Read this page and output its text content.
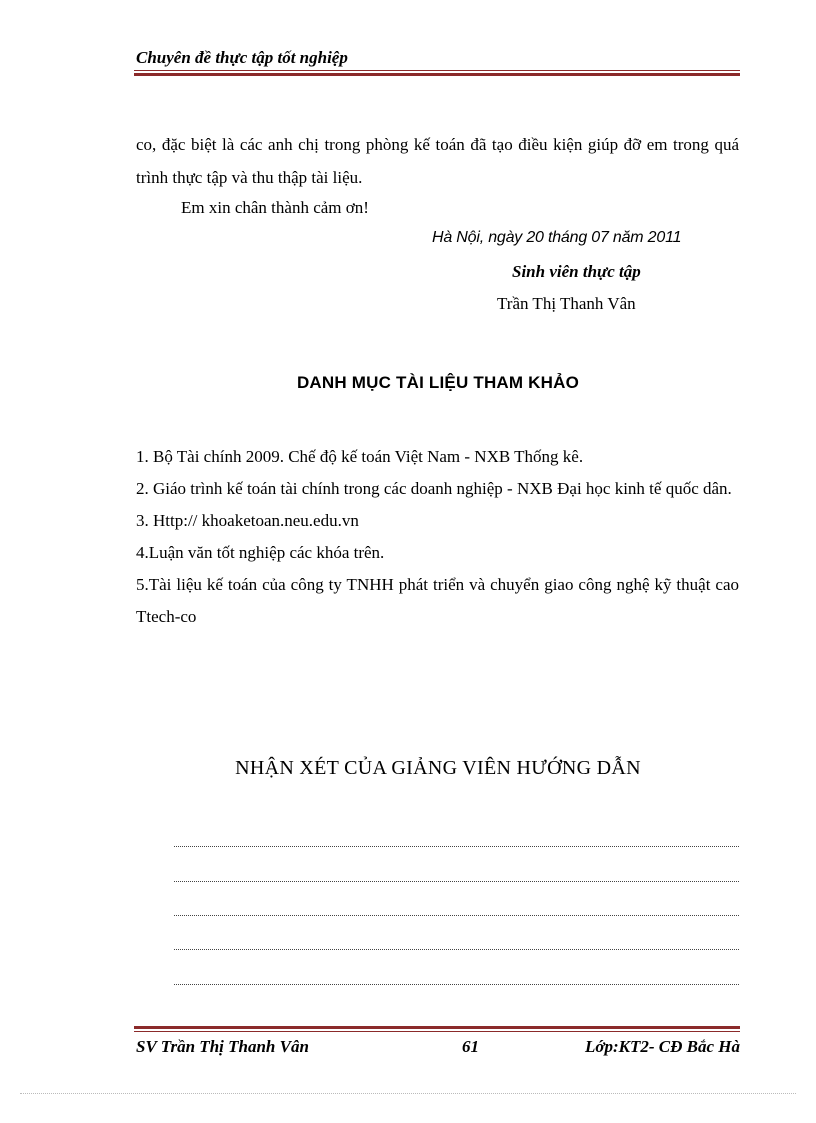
Chuyên đề thực tập tốt nghiệp
co, đặc biệt là các anh chị trong phòng kế toán đã tạo điều kiện giúp đỡ em trong quá trình thực tập và thu thập tài liệu.
Em xin chân thành cảm ơn!
Hà Nội, ngày 20 tháng 07 năm 2011
Sinh viên thực tập
Trần Thị Thanh Vân
DANH MỤC TÀI LIỆU THAM KHẢO

1. Bộ Tài chính 2009. Chế độ kế toán Việt Nam - NXB Thống kê.

2. Giáo trình kế toán tài chính trong các doanh nghiệp - NXB Đại học kinh tế quốc dân.

3. Http:// khoaketoan.neu.edu.vn

4.Luận văn tốt nghiệp các khóa trên.

5.Tài liệu kế toán của công ty TNHH phát triển và chuyển giao công nghệ kỹ thuật cao Ttech-co

NHẬN XÉT CỦA GIẢNG VIÊN HƯỚNG DẪN
SV Trần Thị Thanh Vân	61	Lớp:KT2- CĐ Bắc Hà
